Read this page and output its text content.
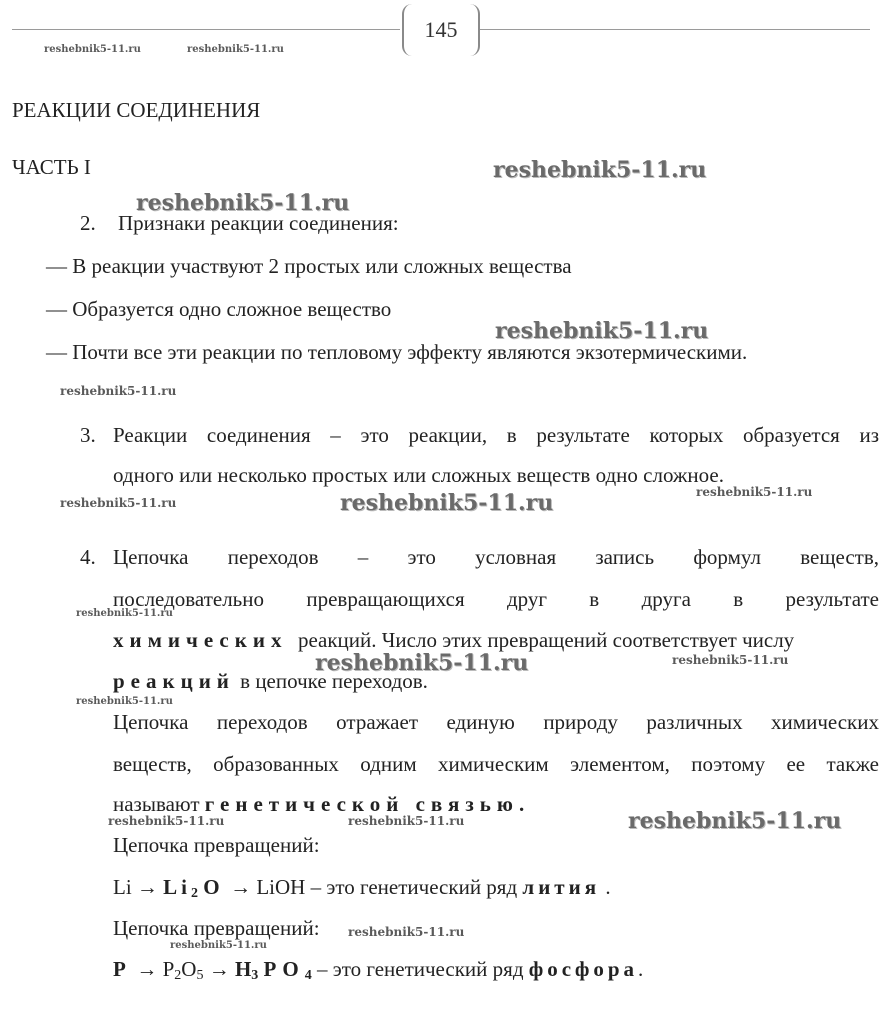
145
reshebnik5-11.ru	reshebnik5-11.ru
reshebnik5-11.ru
reshebnik5-11.ru
reshebnik5-11.ru
reshebnik5-11.ru
reshebnik5-11.ru	reshebnik5-11.ru	reshebnik5-11.ru
reshebnik5-11.ru
reshebnik5-11.ru	reshebnik5-11.ru
reshebnik5-11.ru
reshebnik5-11.ru	reshebnik5-11.ru	reshebnik5-11.ru
reshebnik5-11.ru
reshebnik5-11.ru
РЕАКЦИИ СОЕДИНЕНИЯ
ЧАСТЬ I
2. Признаки реакции соединения:
— В реакции участвуют 2 простых или сложных вещества
— Образуется одно сложное вещество
— Почти все эти реакции по тепловому эффекту являются экзотермическими.
3. Реакции соединения – это реакции, в результате которых образуется из
одного или несколько простых или сложных веществ одно сложное.
4. Цепочка переходов – это условная запись формул веществ,
последовательно превращающихся друг в друга в результате
химических реакций. Число этих превращений соответствует числу
реакций в цепочке переходов.
Цепочка переходов отражает единую природу различных химических
веществ, образованных одним химическим элементом, поэтому ее также
называют генетической связью.
Цепочка превращений:
$Li \to Li_2$ O → LiOH – это генетический ряд лития .
Цепочка превращений:
$P \to P_2O_5 \to H_3$ $PO_4$ – это генетический ряд фосфора.
